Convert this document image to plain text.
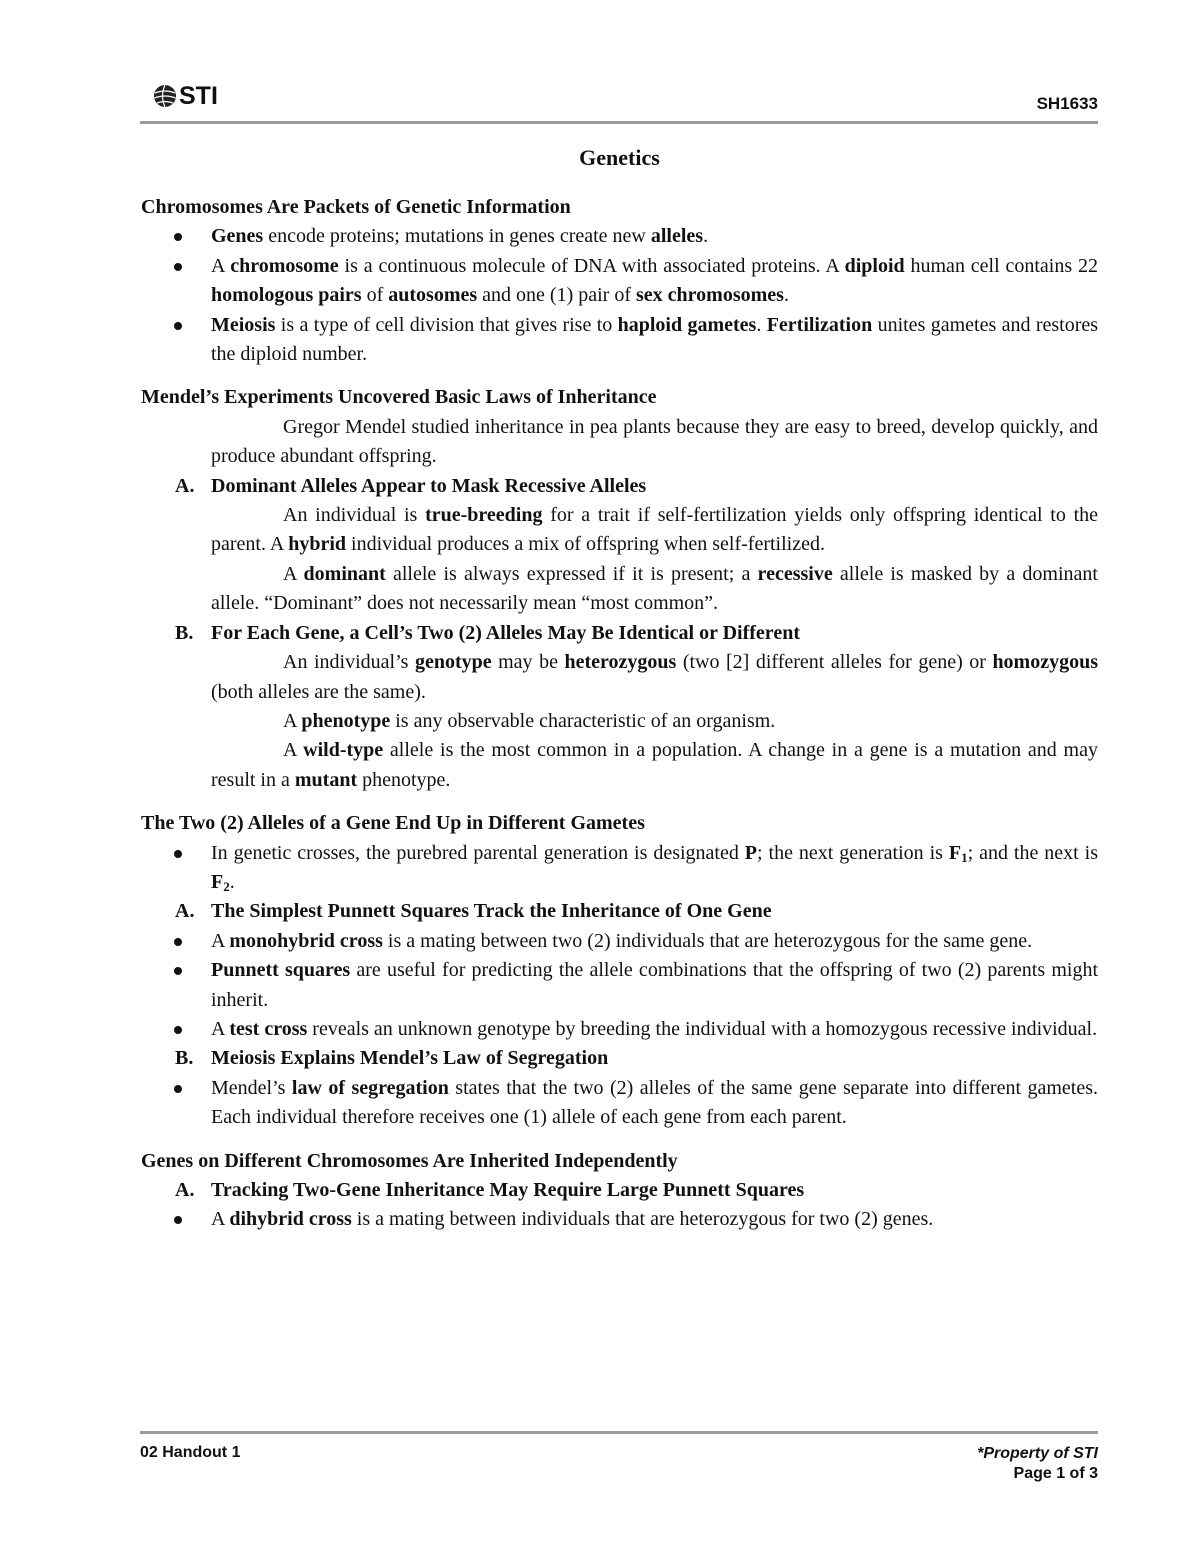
STI	SH1633
Genetics
Chromosomes Are Packets of Genetic Information
Genes encode proteins; mutations in genes create new alleles.
A chromosome is a continuous molecule of DNA with associated proteins. A diploid human cell contains 22 homologous pairs of autosomes and one (1) pair of sex chromosomes.
Meiosis is a type of cell division that gives rise to haploid gametes. Fertilization unites gametes and restores the diploid number.
Mendel’s Experiments Uncovered Basic Laws of Inheritance
Gregor Mendel studied inheritance in pea plants because they are easy to breed, develop quickly, and produce abundant offspring.
A. Dominant Alleles Appear to Mask Recessive Alleles
An individual is true-breeding for a trait if self-fertilization yields only offspring identical to the parent. A hybrid individual produces a mix of offspring when self-fertilized.
A dominant allele is always expressed if it is present; a recessive allele is masked by a dominant allele. “Dominant” does not necessarily mean “most common”.
B. For Each Gene, a Cell’s Two (2) Alleles May Be Identical or Different
An individual’s genotype may be heterozygous (two [2] different alleles for gene) or homozygous (both alleles are the same).
A phenotype is any observable characteristic of an organism.
A wild-type allele is the most common in a population. A change in a gene is a mutation and may result in a mutant phenotype.
The Two (2) Alleles of a Gene End Up in Different Gametes
In genetic crosses, the purebred parental generation is designated P; the next generation is $F_1$; and the next is $F_2$.
A. The Simplest Punnett Squares Track the Inheritance of One Gene
A monohybrid cross is a mating between two (2) individuals that are heterozygous for the same gene.
Punnett squares are useful for predicting the allele combinations that the offspring of two (2) parents might inherit.
A test cross reveals an unknown genotype by breeding the individual with a homozygous recessive individual.
B. Meiosis Explains Mendel’s Law of Segregation
Mendel’s law of segregation states that the two (2) alleles of the same gene separate into different gametes. Each individual therefore receives one (1) allele of each gene from each parent.
Genes on Different Chromosomes Are Inherited Independently
A. Tracking Two-Gene Inheritance May Require Large Punnett Squares
A dihybrid cross is a mating between individuals that are heterozygous for two (2) genes.
02 Handout 1	*Property of STI
Page 1 of 3
